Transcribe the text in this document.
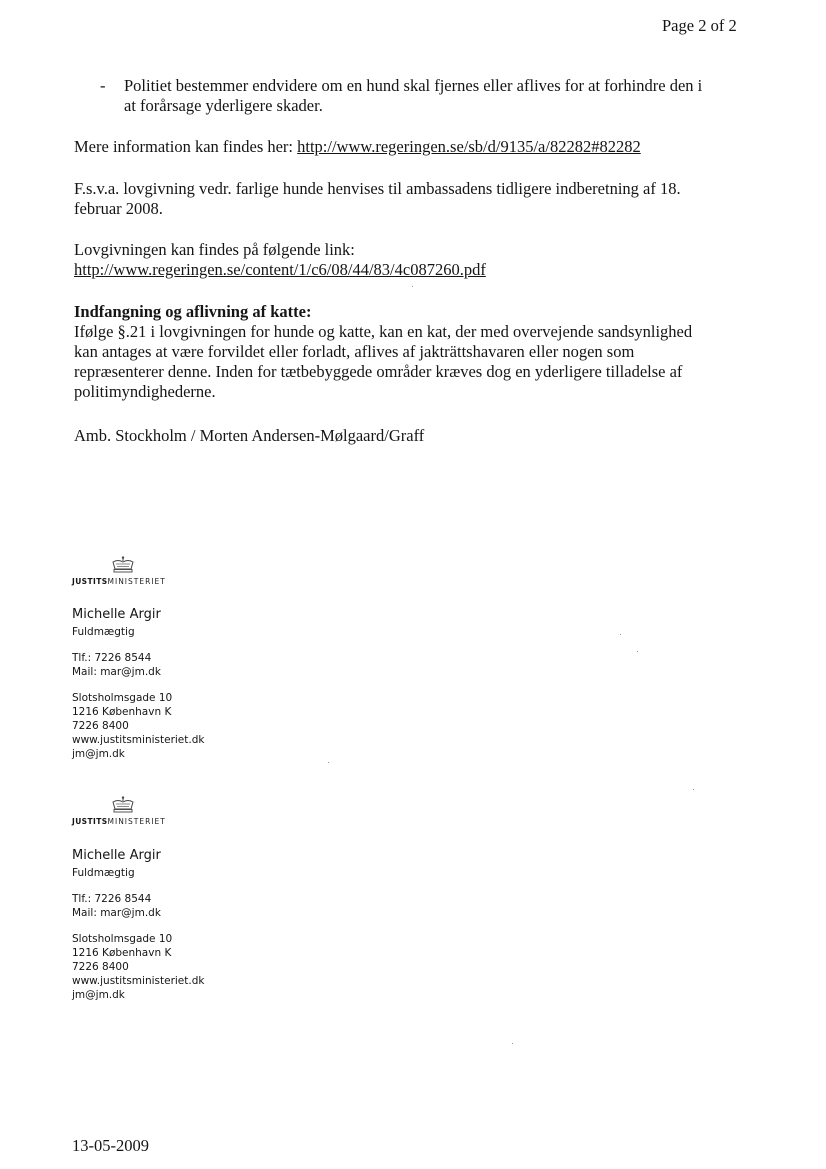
Page 2 of 2
- Politiet bestemmer endvidere om en hund skal fjernes eller aflives for at forhindre den i
at forårsage yderligere skader.
Mere information kan findes her: http://www.regeringen.se/sb/d/9135/a/82282#82282
F.s.v.a. lovgivning vedr. farlige hunde henvises til ambassadens tidligere indberetning af 18.
februar 2008.
Lovgivningen kan findes på følgende link:
http://www.regeringen.se/content/1/c6/08/44/83/4c087260.pdf
Indfangning og aflivning af katte:
Ifølge §.21 i lovgivningen for hunde og katte, kan en kat, der med overvejende sandsynlighed
kan antages at være forvildet eller forladt, aflives af jakträttshavaren eller nogen som
repræsenterer denne. Inden for tætbebyggede områder kræves dog en yderligere tilladelse af
politimyndighederne.
Amb. Stockholm / Morten Andersen-Mølgaard/Graff
JUSTITSMINISTERIET
Michelle Argir
Fuldmægtig
Tlf.: 7226 8544
Mail: mar@jm.dk
Slotsholmsgade 10
1216 København K
7226 8400
www.justitsministeriet.dk
jm@jm.dk
JUSTITSMINISTERIET
Michelle Argir
Fuldmægtig
Tlf.: 7226 8544
Mail: mar@jm.dk
Slotsholmsgade 10
1216 København K
7226 8400
www.justitsministeriet.dk
jm@jm.dk
13-05-2009
